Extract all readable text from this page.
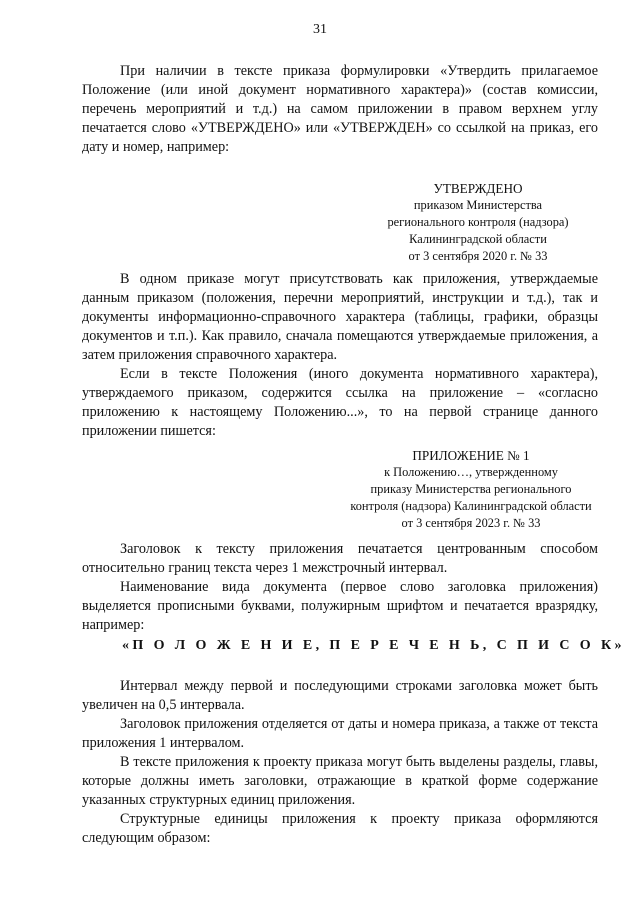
31

При наличии в тексте приказа формулировки «Утвердить прилагаемое Положение (или иной документ нормативного характера)» (состав комиссии, перечень мероприятий и т.д.) на самом приложении в правом верхнем углу печатается слово «УТВЕРЖДЕНО» или «УТВЕРЖДЕН» со ссылкой на приказ, его дату и номер, например:

УТВЕРЖДЕНО
приказом Министерства
регионального контроля (надзора)
Калининградской области
от 3 сентября 2020 г. № 33

В одном приказе могут присутствовать как приложения, утверждаемые данным приказом (положения, перечни мероприятий, инструкции и т.д.), так и документы информационно-справочного характера (таблицы, графики, образцы документов и т.п.). Как правило, сначала помещаются утверждаемые приложения, а затем приложения справочного характера.

Если в тексте Положения (иного документа нормативного характера), утверждаемого приказом, содержится ссылка на приложение – «согласно приложению к настоящему Положению...», то на первой странице данного приложении пишется:

ПРИЛОЖЕНИЕ № 1
к Положению…, утвержденному
приказу Министерства регионального
контроля (надзора) Калининградской области
от 3 сентября 2023 г. № 33

Заголовок к тексту приложения печатается центрованным способом относительно границ текста через 1 межстрочный интервал.

Наименование вида документа (первое слово заголовка приложения) выделяется прописными буквами, полужирным шрифтом и печатается вразрядку, например:

«П О Л О Ж Е Н И Е, П Е Р Е Ч Е Н Ь, С П И С О К»

Интервал между первой и последующими строками заголовка может быть увеличен на 0,5 интервала.

Заголовок приложения отделяется от даты и номера приказа, а также от текста приложения 1 интервалом.

В тексте приложения к проекту приказа могут быть выделены разделы, главы, которые должны иметь заголовки, отражающие в краткой форме содержание указанных структурных единиц приложения.

Структурные единицы приложения к проекту приказа оформляются следующим образом:
